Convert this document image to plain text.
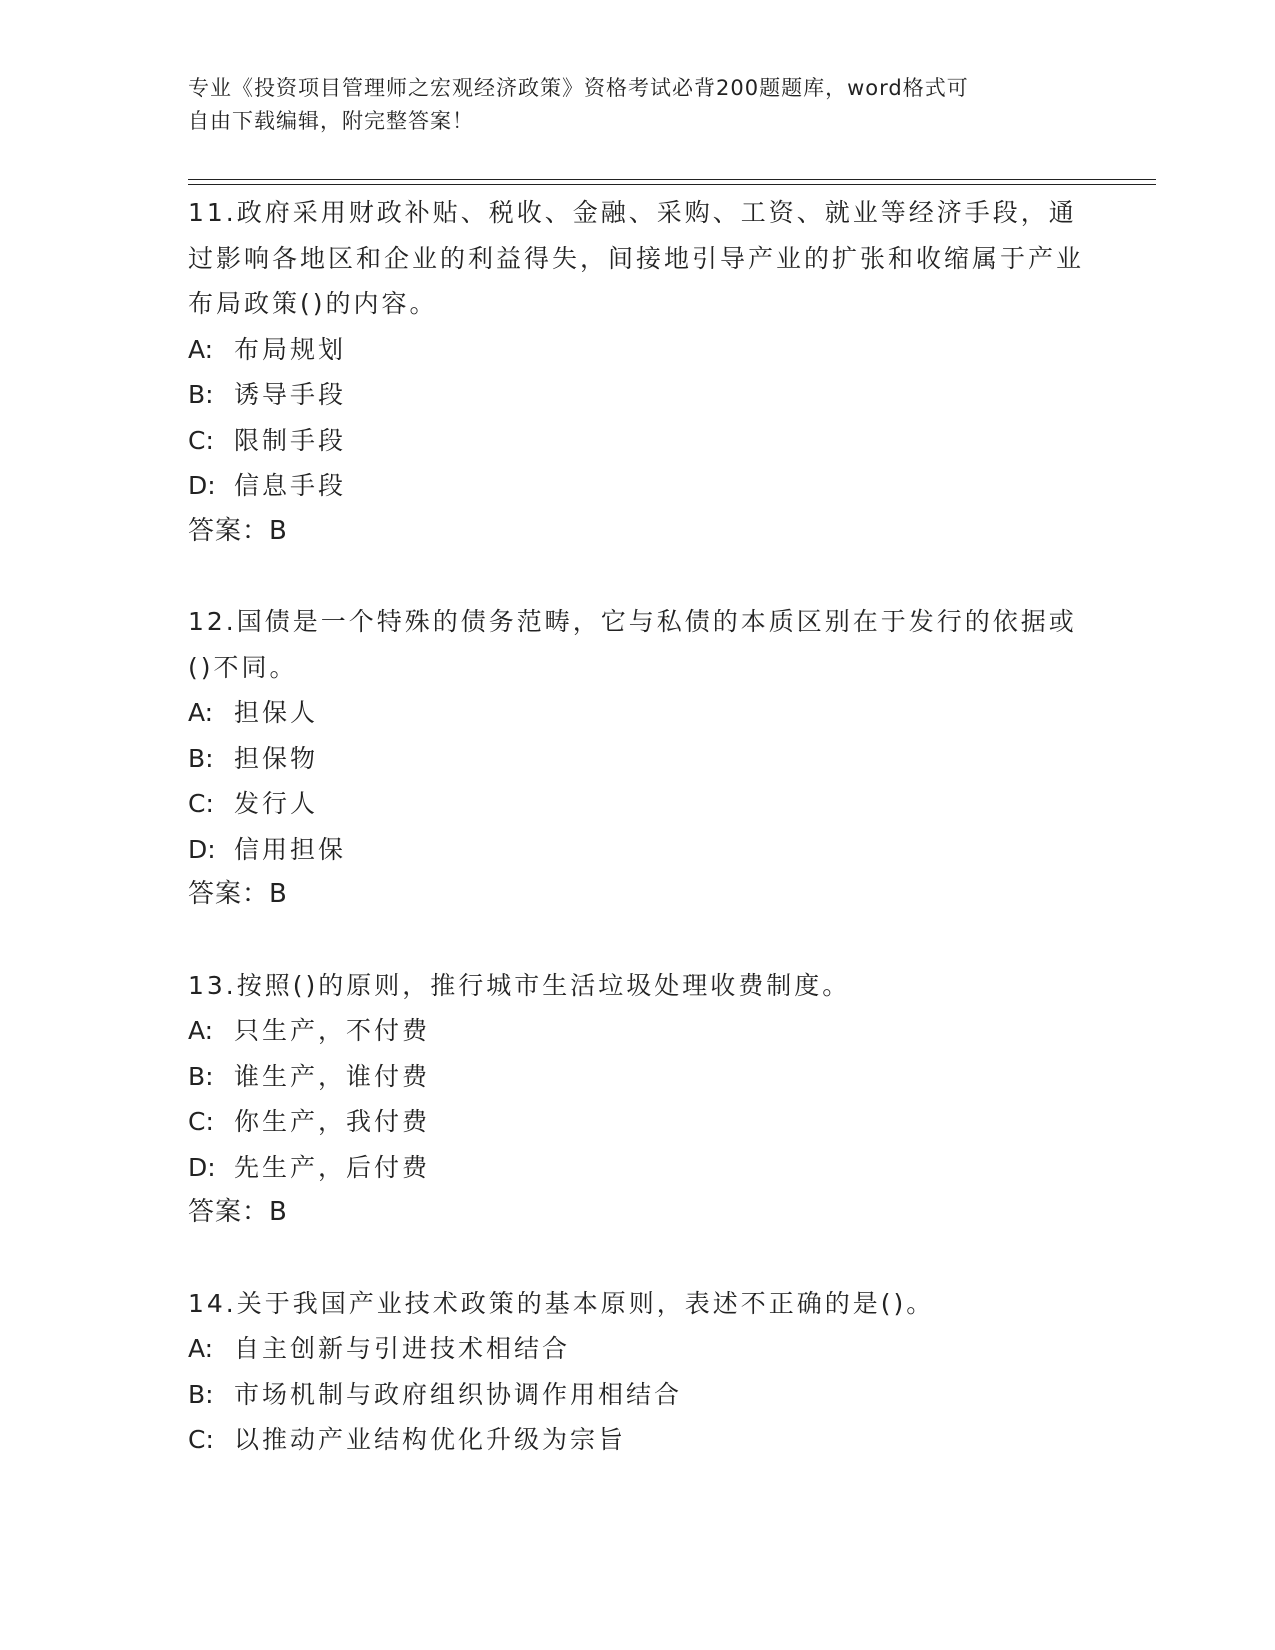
专业《投资项目管理师之宏观经济政策》资格考试必背200题题库，word格式可
自由下载编辑，附完整答案！

11.政府采用财政补贴、税收、金融、采购、工资、就业等经济手段，通过影响各地区和企业的利益得失，间接地引导产业的扩张和收缩属于产业布局政策()的内容。

A: 布局规划
B: 诱导手段
C: 限制手段
D: 信息手段

答案：B

12.国债是一个特殊的债务范畴，它与私债的本质区别在于发行的依据或()不同。

A: 担保人
B: 担保物
C: 发行人
D: 信用担保

答案：B

13.按照()的原则，推行城市生活垃圾处理收费制度。

A: 只生产，不付费
B: 谁生产，谁付费
C: 你生产，我付费
D: 先生产，后付费

答案：B

14.关于我国产业技术政策的基本原则，表述不正确的是()。

A: 自主创新与引进技术相结合
B: 市场机制与政府组织协调作用相结合
C: 以推动产业结构优化升级为宗旨
